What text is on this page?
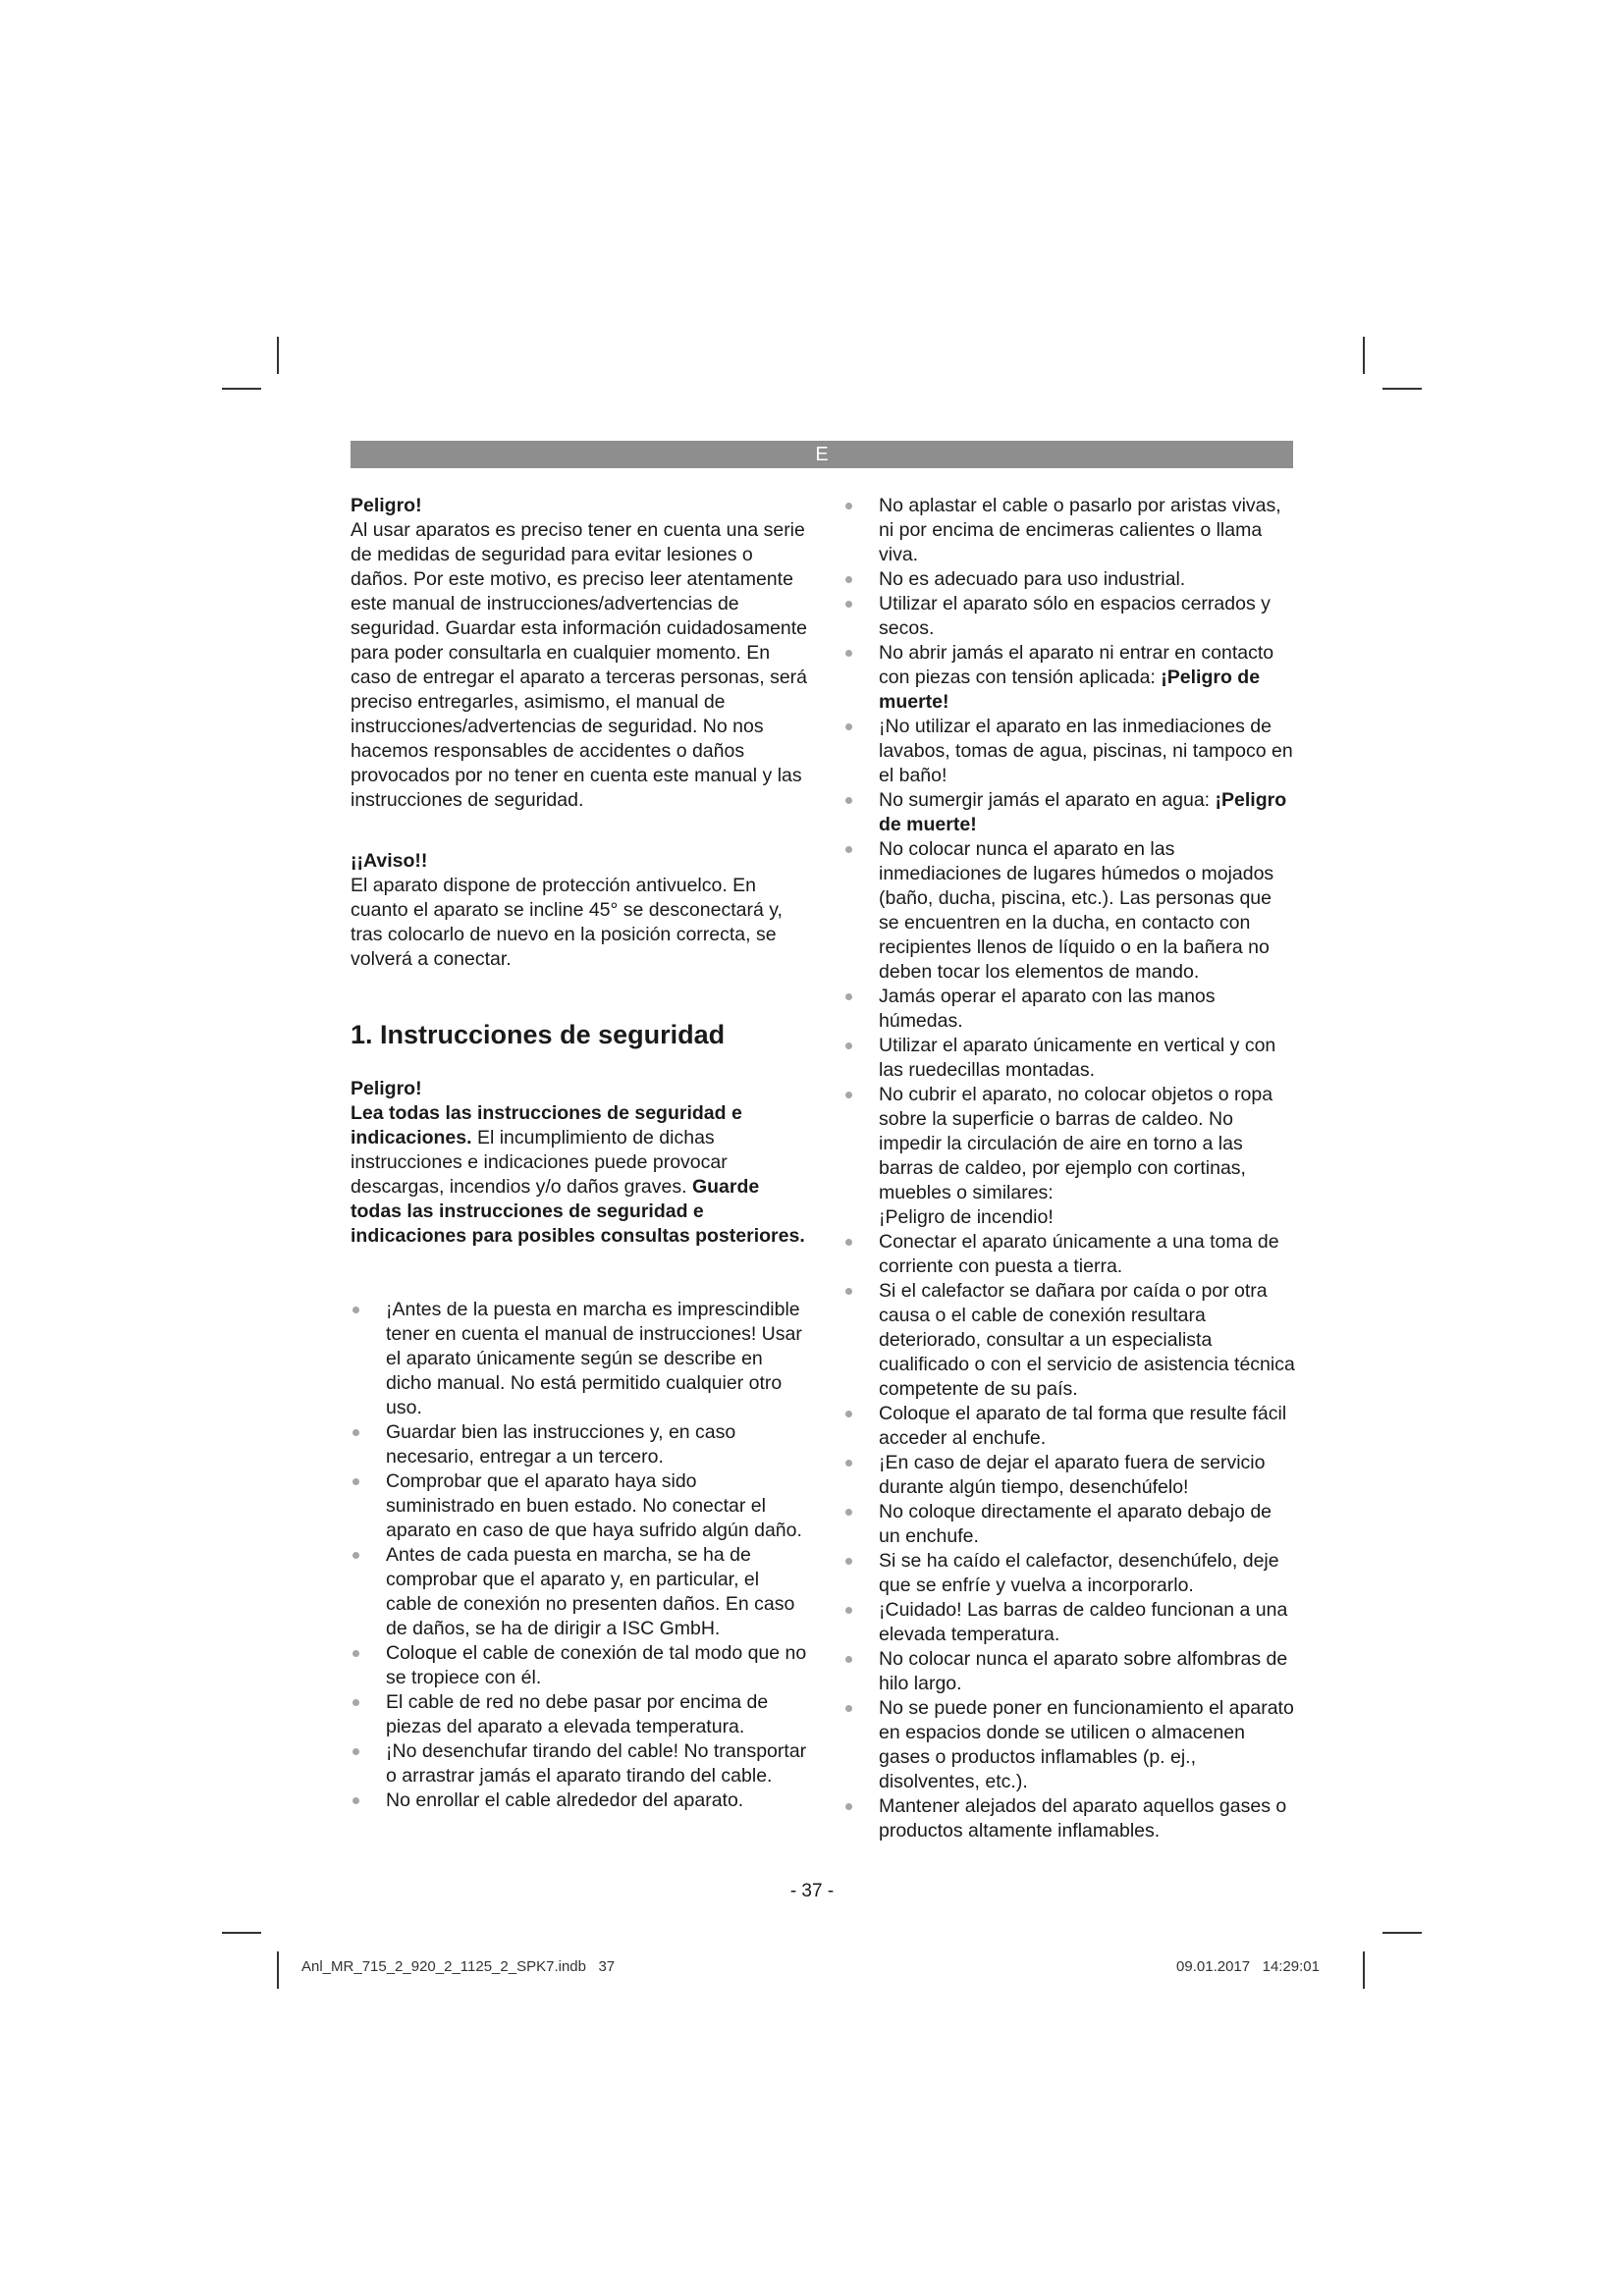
E

Peligro!

Al usar aparatos es preciso tener en cuenta una serie de medidas de seguridad para evitar lesiones o daños. Por este motivo, es preciso leer atentamente este manual de instrucciones/advertencias de seguridad. Guardar esta información cuidadosamente para poder consultarla en cualquier momento. En caso de entregar el aparato a terceras personas, será preciso entregarles, asimismo, el manual de instrucciones/advertencias de seguridad. No nos hacemos responsables de accidentes o daños provocados por no tener en cuenta este manual y las instrucciones de seguridad.

¡¡Aviso!!

El aparato dispone de protección antivuelco. En cuanto el aparato se incline 45° se desconectará y, tras colocarlo de nuevo en la posición correcta, se volverá a conectar.

1. Instrucciones de seguridad

Peligro!

Lea todas las instrucciones de seguridad e indicaciones. El incumplimiento de dichas instrucciones e indicaciones puede provocar descargas, incendios y/o daños graves. Guarde todas las instrucciones de seguridad e indicaciones para posibles consultas posteriores.

¡Antes de la puesta en marcha es imprescindible tener en cuenta el manual de instrucciones! Usar el aparato únicamente según se describe en dicho manual. No está permitido cualquier otro uso.
Guardar bien las instrucciones y, en caso necesario, entregar a un tercero.
Comprobar que el aparato haya sido suministrado en buen estado. No conectar el aparato en caso de que haya sufrido algún daño.
Antes de cada puesta en marcha, se ha de comprobar que el aparato y, en particular, el cable de conexión no presenten daños. En caso de daños, se ha de dirigir a ISC GmbH.
Coloque el cable de conexión de tal modo que no se tropiece con él.
El cable de red no debe pasar por encima de piezas del aparato a elevada temperatura.
¡No desenchufar tirando del cable! No transportar o arrastrar jamás el aparato tirando del cable.
No enrollar el cable alrededor del aparato.
No aplastar el cable o pasarlo por aristas vivas, ni por encima de encimeras calientes o llama viva.
No es adecuado para uso industrial.
Utilizar el aparato sólo en espacios cerrados y secos.
No abrir jamás el aparato ni entrar en contacto con piezas con tensión aplicada: ¡Peligro de muerte!
¡No utilizar el aparato en las inmediaciones de lavabos, tomas de agua, piscinas, ni tampoco en el baño!
No sumergir jamás el aparato en agua: ¡Peligro de muerte!
No colocar nunca el aparato en las inmediaciones de lugares húmedos o mojados (baño, ducha, piscina, etc.). Las personas que se encuentren en la ducha, en contacto con recipientes llenos de líquido o en la bañera no deben tocar los elementos de mando.
Jamás operar el aparato con las manos húmedas.
Utilizar el aparato únicamente en vertical y con las ruedecillas montadas.
No cubrir el aparato, no colocar objetos o ropa sobre la superficie o barras de caldeo. No impedir la circulación de aire en torno a las barras de caldeo, por ejemplo con cortinas, muebles o similares:
¡Peligro de incendio!
Conectar el aparato únicamente a una toma de corriente con puesta a tierra.
Si el calefactor se dañara por caída o por otra causa o el cable de conexión resultara deteriorado, consultar a un especialista cualificado o con el servicio de asistencia técnica competente de su país.
Coloque el aparato de tal forma que resulte fácil acceder al enchufe.
¡En caso de dejar el aparato fuera de servicio durante algún tiempo, desenchúfelo!
No coloque directamente el aparato debajo de un enchufe.
Si se ha caído el calefactor, desenchúfelo, deje que se enfríe y vuelva a incorporarlo.
¡Cuidado! Las barras de caldeo funcionan a una elevada temperatura.
No colocar nunca el aparato sobre alfombras de hilo largo.
No se puede poner en funcionamiento el aparato en espacios donde se utilicen o almacenen gases o productos inflamables (p. ej., disolventes, etc.).
Mantener alejados del aparato aquellos gases o productos altamente inflamables.
- 37 -
Anl_MR_715_2_920_2_1125_2_SPK7.indb   37	09.01.2017   14:29:01
